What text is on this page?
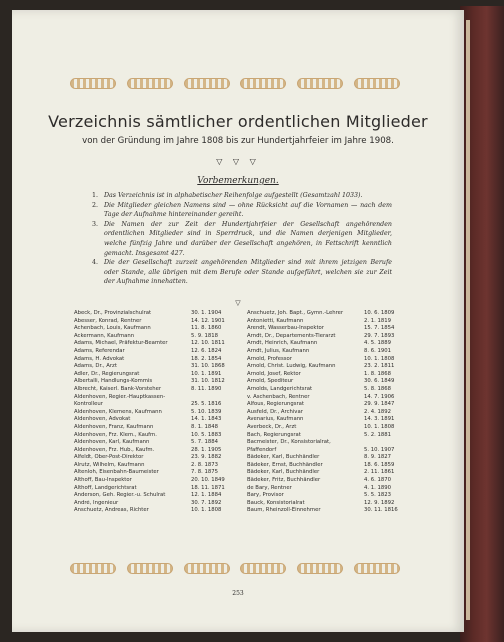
Verzeichnis sämtlicher ordentlichen Mitglieder

von der Gründung im Jahre 1808 bis zur Hundertjahrfeier im Jahre 1908.

▽ ▽ ▽
Vorbemerkungen.
1. Das Verzeichnis ist in alphabetischer Reihenfolge aufgestellt (Gesamtzahl 1033).
2. Die Mitglieder gleichen Namens sind — ohne Rücksicht auf die Vornamen — nach dem Tage der Aufnahme hintereinander gereiht.
3. Die Namen der zur Zeit der Hundertjahrfeier der Gesellschaft angehörenden ordentlichen Mitglieder sind in Sperrdruck, und die Namen derjenigen Mitglieder, welche fünfzig Jahre und darüber der Gesellschaft angehören, in Fettschrift kenntlich gemacht. Insgesamt 427.
4. Die der Gesellschaft zurzeit angehörenden Mitglieder sind mit ihrem jetzigen Berufe oder Stande, alle übrigen mit dem Berufe oder Stande aufgeführt, welchen sie zur Zeit der Aufnahme innehatten.
▽
Abeck, Dr., Provinzialschulrat	30. 1. 1904
Abesser, Konrad, Rentner	14. 12. 1901
Achenbach, Louis, Kaufmann	11. 8. 1860
Ackermann, Kaufmann	5. 9. 1818
Adams, Michael, Präfektur-Beamter	12. 10. 1811
Adams, Referendar	12. 6. 1824
Adams, H. Advokat	18. 2. 1854
Adams, Dr., Arzt	31. 10. 1868
Adler, Dr., Regierungsrat	10. 1. 1891
Albertalli, Handlungs-Kommis	31. 10. 1812
Albrecht, Kaiserl. Bank-Vorsteher	8. 11. 1890
Aldenhoven, Regier.-Hauptkassen-
Kontrolleur	25. 5. 1816
Aldenhoven, Klemens, Kaufmann	5. 10. 1839
Aldenhoven, Advokat	14. 1. 1843
Aldenhoven, Franz, Kaufmann	8. 1. 1848
Aldenhoven, Frz. Klem., Kaufm.	10. 5. 1883
Aldenhoven, Karl, Kaufmann	5. 7. 1884
Aldenhoven, Frz. Hub., Kaufm.	28. 1. 1905
Alfeldt, Ober-Post-Direktor	23. 9. 1882
Alrutz, Wilhelm, Kaufmann	2. 8. 1873
Altenloh, Eisenbahn-Baumeister	7. 8. 1875
Althoff, Bau-Inspektor	20. 10. 1849
Althoff, Landgerichtsrat	18. 11. 1871
Anderson, Geh. Regier.-u. Schulrat	12. 1. 1884
André, Ingenieur	30. 7. 1892
Anschuetz, Andreas, Richter	10. 1. 1808
Anschuetz, Joh. Bapt., Gymn.-Lehrer	10. 6. 1809
Antonietti, Kaufmann	2. 1. 1819
Arendt, Wasserbau-Inspektor	15. 7. 1854
Arndt, Dr., Departements-Tierarzt	29. 7. 1893
Arndt, Heinrich, Kaufmann	4. 5. 1889
Arndt, Julius, Kaufmann	8. 6. 1901
Arnold, Professor	10. 1. 1808
Arnold, Christ. Ludwig, Kaufmann	23. 2. 1811
Arnold, Josef, Rektor	1. 8. 1868
Arnold, Spediteur	30. 6. 1849
Arnolds, Landgerichtsrat	5. 8. 1868
v. Aschenbach, Rentner	14. 7. 1906
Alfous, Regierungsrat	29. 9. 1847
Ausfeld, Dr., Archivar	2. 4. 1892
Avenarius, Kaufmann	14. 3. 1891
Averbeck, Dr., Arzt	10. 1. 1808
Bach, Regierungsrat	5. 2. 1881
Bacmeister, Dr., Konsistorialrat,
Pfaffendorf	5. 10. 1907
Bädeker, Karl, Buchhändler	8. 9. 1827
Bädeker, Ernst, Buchhändler	18. 6. 1859
Bädeker, Karl, Buchhändler	2. 11. 1861
Bädeker, Fritz, Buchhändler	4. 6. 1870
de Bary, Rentner	4. 1. 1890
Bary, Provisor	5. 5. 1823
Bauck, Konsistorialrat	12. 9. 1892
Baum, Rheinzoll-Einnehmer	30. 11. 1816
253
